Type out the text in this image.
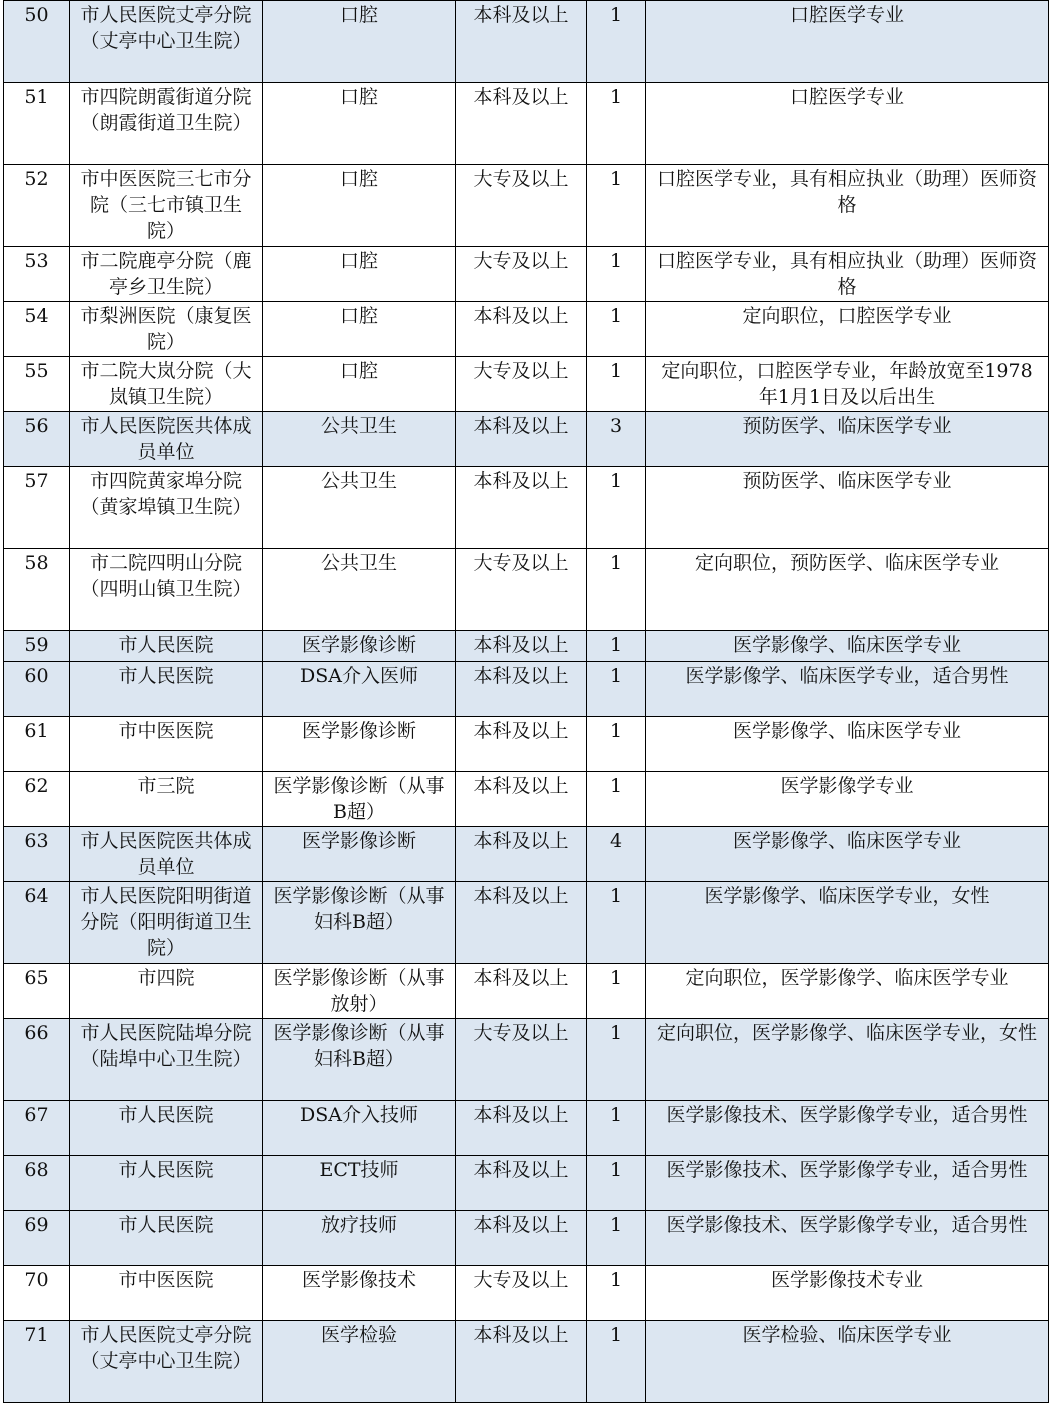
50	市人民医院丈亭分院（丈亭中心卫生院）	口腔	本科及以上	1	口腔医学专业
51	市四院朗霞街道分院（朗霞街道卫生院）	口腔	本科及以上	1	口腔医学专业
52	市中医医院三七市分院（三七市镇卫生院）	口腔	大专及以上	1	口腔医学专业，具有相应执业（助理）医师资格
53	市二院鹿亭分院（鹿亭乡卫生院）	口腔	大专及以上	1	口腔医学专业，具有相应执业（助理）医师资格
54	市梨洲医院（康复医院）	口腔	本科及以上	1	定向职位，口腔医学专业
55	市二院大岚分院（大岚镇卫生院）	口腔	大专及以上	1	定向职位，口腔医学专业，年龄放宽至1978年1月1日及以后出生
56	市人民医院医共体成员单位	公共卫生	本科及以上	3	预防医学、临床医学专业
57	市四院黄家埠分院（黄家埠镇卫生院）	公共卫生	本科及以上	1	预防医学、临床医学专业
58	市二院四明山分院（四明山镇卫生院）	公共卫生	大专及以上	1	定向职位，预防医学、临床医学专业
59	市人民医院	医学影像诊断	本科及以上	1	医学影像学、临床医学专业
60	市人民医院	DSA介入医师	本科及以上	1	医学影像学、临床医学专业，适合男性
61	市中医医院	医学影像诊断	本科及以上	1	医学影像学、临床医学专业
62	市三院	医学影像诊断（从事B超）	本科及以上	1	医学影像学专业
63	市人民医院医共体成员单位	医学影像诊断	本科及以上	4	医学影像学、临床医学专业
64	市人民医院阳明街道分院（阳明街道卫生院）	医学影像诊断（从事妇科B超）	本科及以上	1	医学影像学、临床医学专业，女性
65	市四院	医学影像诊断（从事放射）	本科及以上	1	定向职位，医学影像学、临床医学专业
66	市人民医院陆埠分院（陆埠中心卫生院）	医学影像诊断（从事妇科B超）	大专及以上	1	定向职位，医学影像学、临床医学专业，女性
67	市人民医院	DSA介入技师	本科及以上	1	医学影像技术、医学影像学专业，适合男性
68	市人民医院	ECT技师	本科及以上	1	医学影像技术、医学影像学专业，适合男性
69	市人民医院	放疗技师	本科及以上	1	医学影像技术、医学影像学专业，适合男性
70	市中医医院	医学影像技术	大专及以上	1	医学影像技术专业
71	市人民医院丈亭分院（丈亭中心卫生院）	医学检验	本科及以上	1	医学检验、临床医学专业
